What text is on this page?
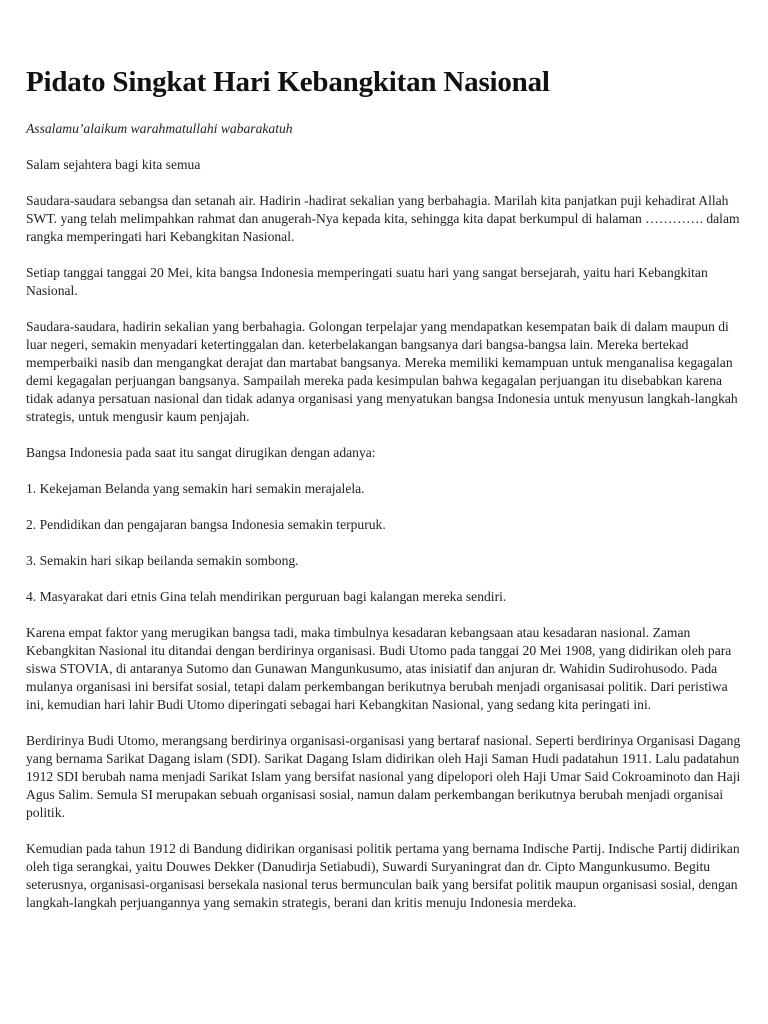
Pidato Singkat Hari Kebangkitan Nasional

Assalamu’alaikum warahmatullahi wabarakatuh

Salam sejahtera bagi kita semua

Saudara-saudara sebangsa dan setanah air. Hadirin -hadirat sekalian yang berbahagia. Marilah kita panjatkan puji kehadirat Allah SWT. yang telah melimpahkan rahmat dan anugerah-Nya kepada kita, sehingga kita dapat berkumpul di halaman …………. dalam rangka memperingati hari Kebangkitan Nasional.

Setiap tanggai tanggai 20 Mei, kita bangsa Indonesia memperingati suatu hari yang sangat bersejarah, yaitu hari Kebangkitan Nasional.

Saudara-saudara, hadirin sekalian yang berbahagia. Golongan terpelajar yang mendapatkan kesempatan baik di dalam maupun di luar negeri, semakin menyadari ketertinggalan dan. keterbelakangan bangsanya dari bangsa-bangsa lain. Mereka bertekad memperbaiki nasib dan mengangkat derajat dan martabat bangsanya. Mereka memiliki kemampuan untuk menganalisa kegagalan demi kegagalan perjuangan bangsanya. Sampailah mereka pada kesimpulan bahwa kegagalan perjuangan itu disebabkan karena tidak adanya persatuan nasional dan tidak adanya organisasi yang menyatukan bangsa Indonesia untuk menyusun langkah-langkah strategis, untuk mengusir kaum penjajah.

Bangsa Indonesia pada saat itu sangat dirugikan dengan adanya:

1. Kekejaman Belanda yang semakin hari semakin merajalela.

2. Pendidikan dan pengajaran bangsa Indonesia semakin terpuruk.

3. Semakin hari sikap beilanda semakin sombong.

4. Masyarakat dari etnis Gina telah mendirikan perguruan bagi kalangan mereka sendiri.

Karena empat faktor yang merugikan bangsa tadi, maka timbulnya kesadaran kebangsaan atau kesadaran nasional. Zaman Kebangkitan Nasional itu ditandai dengan berdirinya organisasi. Budi Utomo pada tanggai 20 Mei 1908, yang didirikan oleh para siswa STOVIA, di antaranya Sutomo dan Gunawan Mangunkusumo, atas inisiatif dan anjuran dr. Wahidin Sudirohusodo. Pada mulanya organisasi ini bersifat sosial, tetapi dalam perkembangan berikutnya berubah menjadi organisasai politik. Dari peristiwa ini, kemudian hari lahir Budi Utomo diperingati sebagai hari Kebangkitan Nasional, yang sedang kita peringati ini.

Berdirinya Budi Utomo, merangsang berdirinya organisasi-organisasi yang bertaraf nasional. Seperti berdirinya Organisasi Dagang yang bernama Sarikat Dagang islam (SDI). Sarikat Dagang Islam didirikan oleh Haji Saman Hudi padatahun 1911. Lalu padatahun 1912 SDI berubah nama menjadi Sarikat Islam yang bersifat nasional yang dipelopori oleh Haji Umar Said Cokroaminoto dan Haji Agus Salim. Semula SI merupakan sebuah organisasi sosial, namun dalam perkembangan berikutnya berubah menjadi organisai politik.

Kemudian pada tahun 1912 di Bandung didirikan organisasi politik pertama yang bernama Indische Partij. Indische Partij didirikan oleh tiga serangkai, yaitu Douwes Dekker (Danudirja Setiabudi), Suwardi Suryaningrat dan dr. Cipto Mangunkusumo. Begitu seterusnya, organisasi-organisasi bersekala nasional terus bermunculan baik yang bersifat politik maupun organisasi sosial, dengan langkah-langkah perjuangannya yang semakin strategis, berani dan kritis menuju Indonesia merdeka.
